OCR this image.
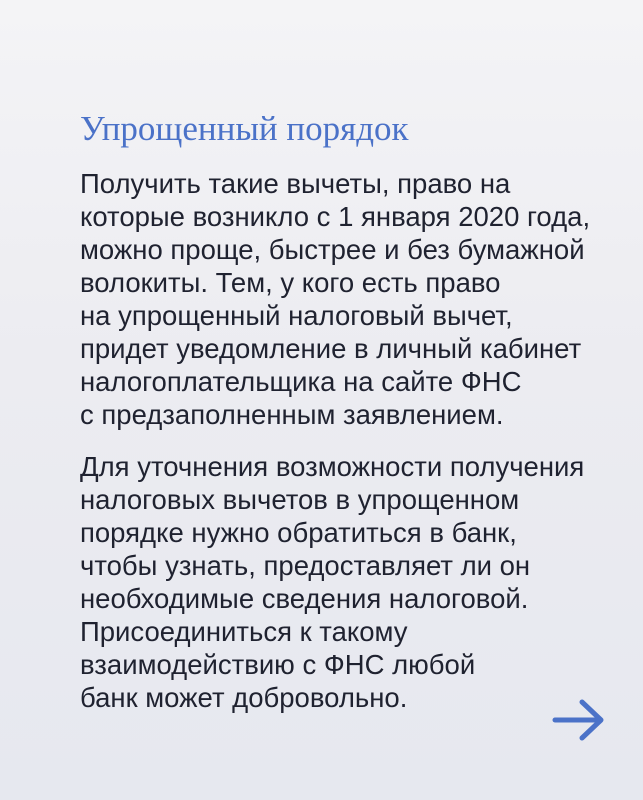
Упрощенный порядок

Получить такие вычеты, право на
которые возникло с 1 января 2020 года,
можно проще, быстрее и без бумажной
волокиты. Тем, у кого есть право
на упрощенный налоговый вычет,
придет уведомление в личный кабинет
налогоплательщика на сайте ФНС
с предзаполненным заявлением.

Для уточнения возможности получения
налоговых вычетов в упрощенном
порядке нужно обратиться в банк,
чтобы узнать, предоставляет ли он
необходимые сведения налоговой.
Присоединиться к такому
взаимодействию с ФНС любой
банк может добровольно.
